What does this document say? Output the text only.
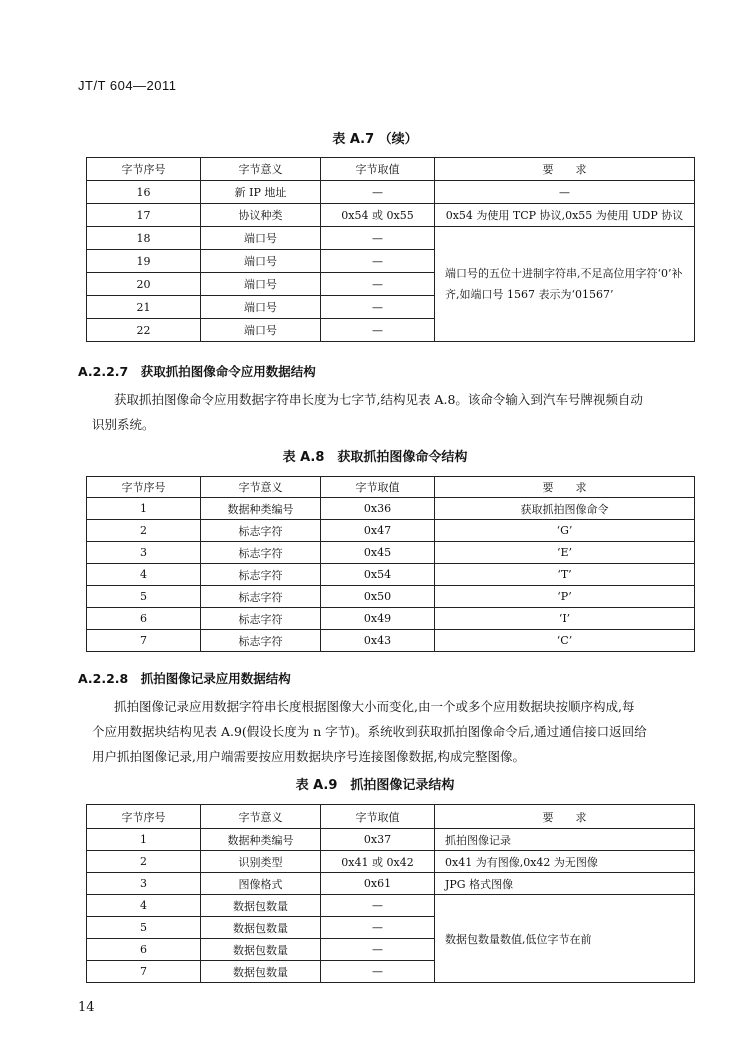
JT/T 604—2011
表 A.7 （续）
字节序号	字节意义	字节取值	要　　求
16	新 IP 地址	—	—
17	协议种类	0x54 或 0x55	0x54 为使用 TCP 协议,0x55 为使用 UDP 协议
18	端口号	—	端口号的五位十进制字符串,不足高位用字符‘0’补齐,如端口号 1567 表示为‘01567’
19	端口号	—	
20	端口号	—	
21	端口号	—	
22	端口号	—	
A.2.2.7　获取抓拍图像命令应用数据结构
获取抓拍图像命令应用数据字符串长度为七字节,结构见表 A.8。该命令输入到汽车号牌视频自动
识别系统。
表 A.8　获取抓拍图像命令结构
字节序号	字节意义	字节取值	要　　求
1	数据种类编号	0x36	获取抓拍图像命令
2	标志字符	0x47	‘G’
3	标志字符	0x45	‘E’
4	标志字符	0x54	‘T’
5	标志字符	0x50	‘P’
6	标志字符	0x49	‘I’
7	标志字符	0x43	‘C’
A.2.2.8　抓拍图像记录应用数据结构
抓拍图像记录应用数据字符串长度根据图像大小而变化,由一个或多个应用数据块按顺序构成,每
个应用数据块结构见表 A.9(假设长度为 n 字节)。系统收到获取抓拍图像命令后,通过通信接口返回给
用户抓拍图像记录,用户端需要按应用数据块序号连接图像数据,构成完整图像。
表 A.9　抓拍图像记录结构
字节序号	字节意义	字节取值	要　　求
1	数据种类编号	0x37	抓拍图像记录
2	识别类型	0x41 或 0x42	0x41 为有图像,0x42 为无图像
3	图像格式	0x61	JPG 格式图像
4	数据包数量	—	数据包数量数值,低位字节在前
5	数据包数量	—	
6	数据包数量	—	
7	数据包数量	—	
14
